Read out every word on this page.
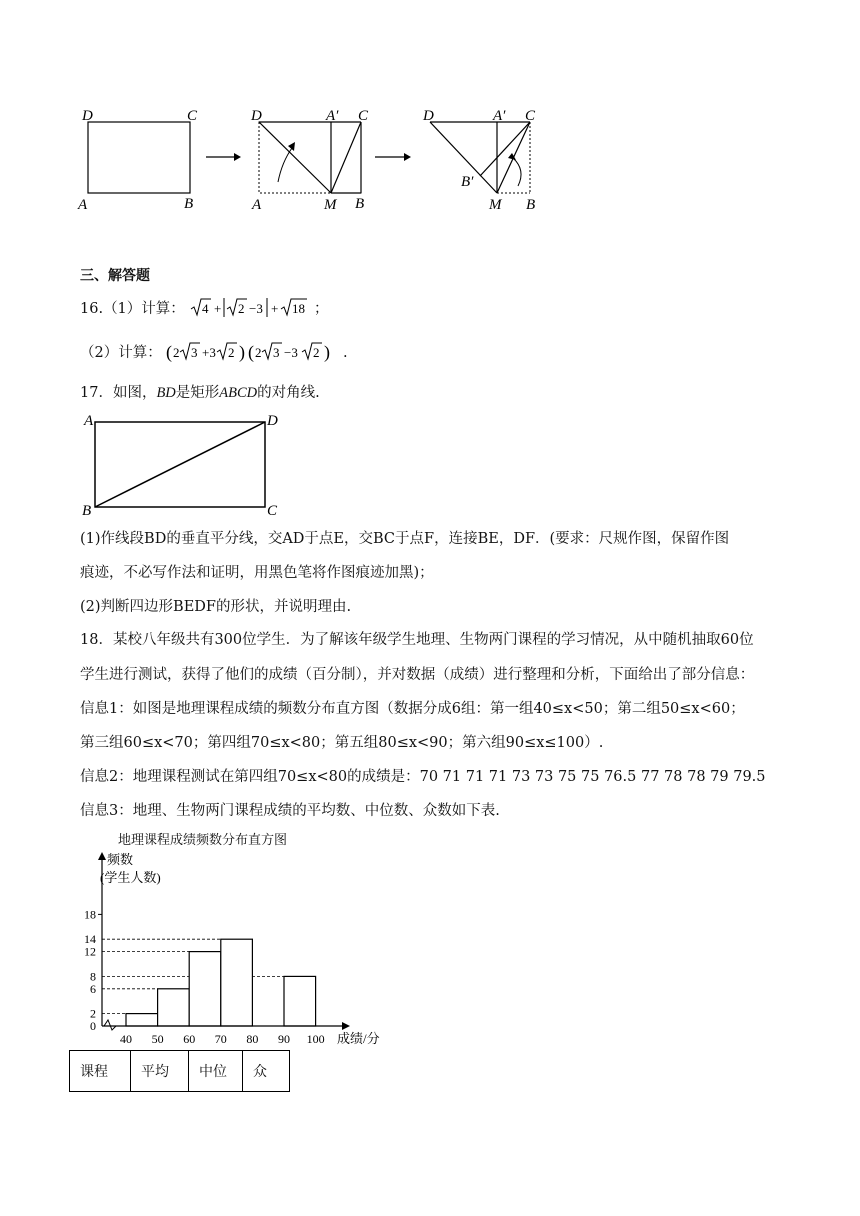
D	C
A	B
D	A′ C
A	M B
D	A′ C
B′
M B
三、解答题
16.（1）计算： 4 + 2 −3 + 18 ；
（2）计算： ( 2 3 +3 2 ) ( 2 3 −3 2 ) .
17．如图，BD是矩形ABCD的对角线.
A	D
B	C
(1)作线段BD的垂直平分线，交AD于点E，交BC于点F，连接BE，DF．(要求：尺规作图，保留作图
痕迹，不必写作法和证明，用黑色笔将作图痕迹加黑)；
(2)判断四边形BEDF的形状，并说明理由.
18．某校八年级共有300位学生．为了解该年级学生地理、生物两门课程的学习情况，从中随机抽取60位
学生进行测试，获得了他们的成绩（百分制），并对数据（成绩）进行整理和分析，下面给出了部分信息：
信息1：如图是地理课程成绩的频数分布直方图（数据分成6组：第一组40≤x<50；第二组50≤x<60；
第三组60≤x<70；第四组70≤x<80；第五组80≤x<90；第六组90≤x≤100）.
信息2：地理课程测试在第四组70≤x<80的成绩是：70 71 71 71 73 73 75 75 76.5 77 78 78 79 79.5
信息3：地理、生物两门课程成绩的平均数、中位数、众数如下表.
地理课程成绩频数分布直方图
0
2
6
8
12
14
18
40 50 60 70 80 90 100
频数
(学生人数)
成绩/分
课程	平均	中位	众
